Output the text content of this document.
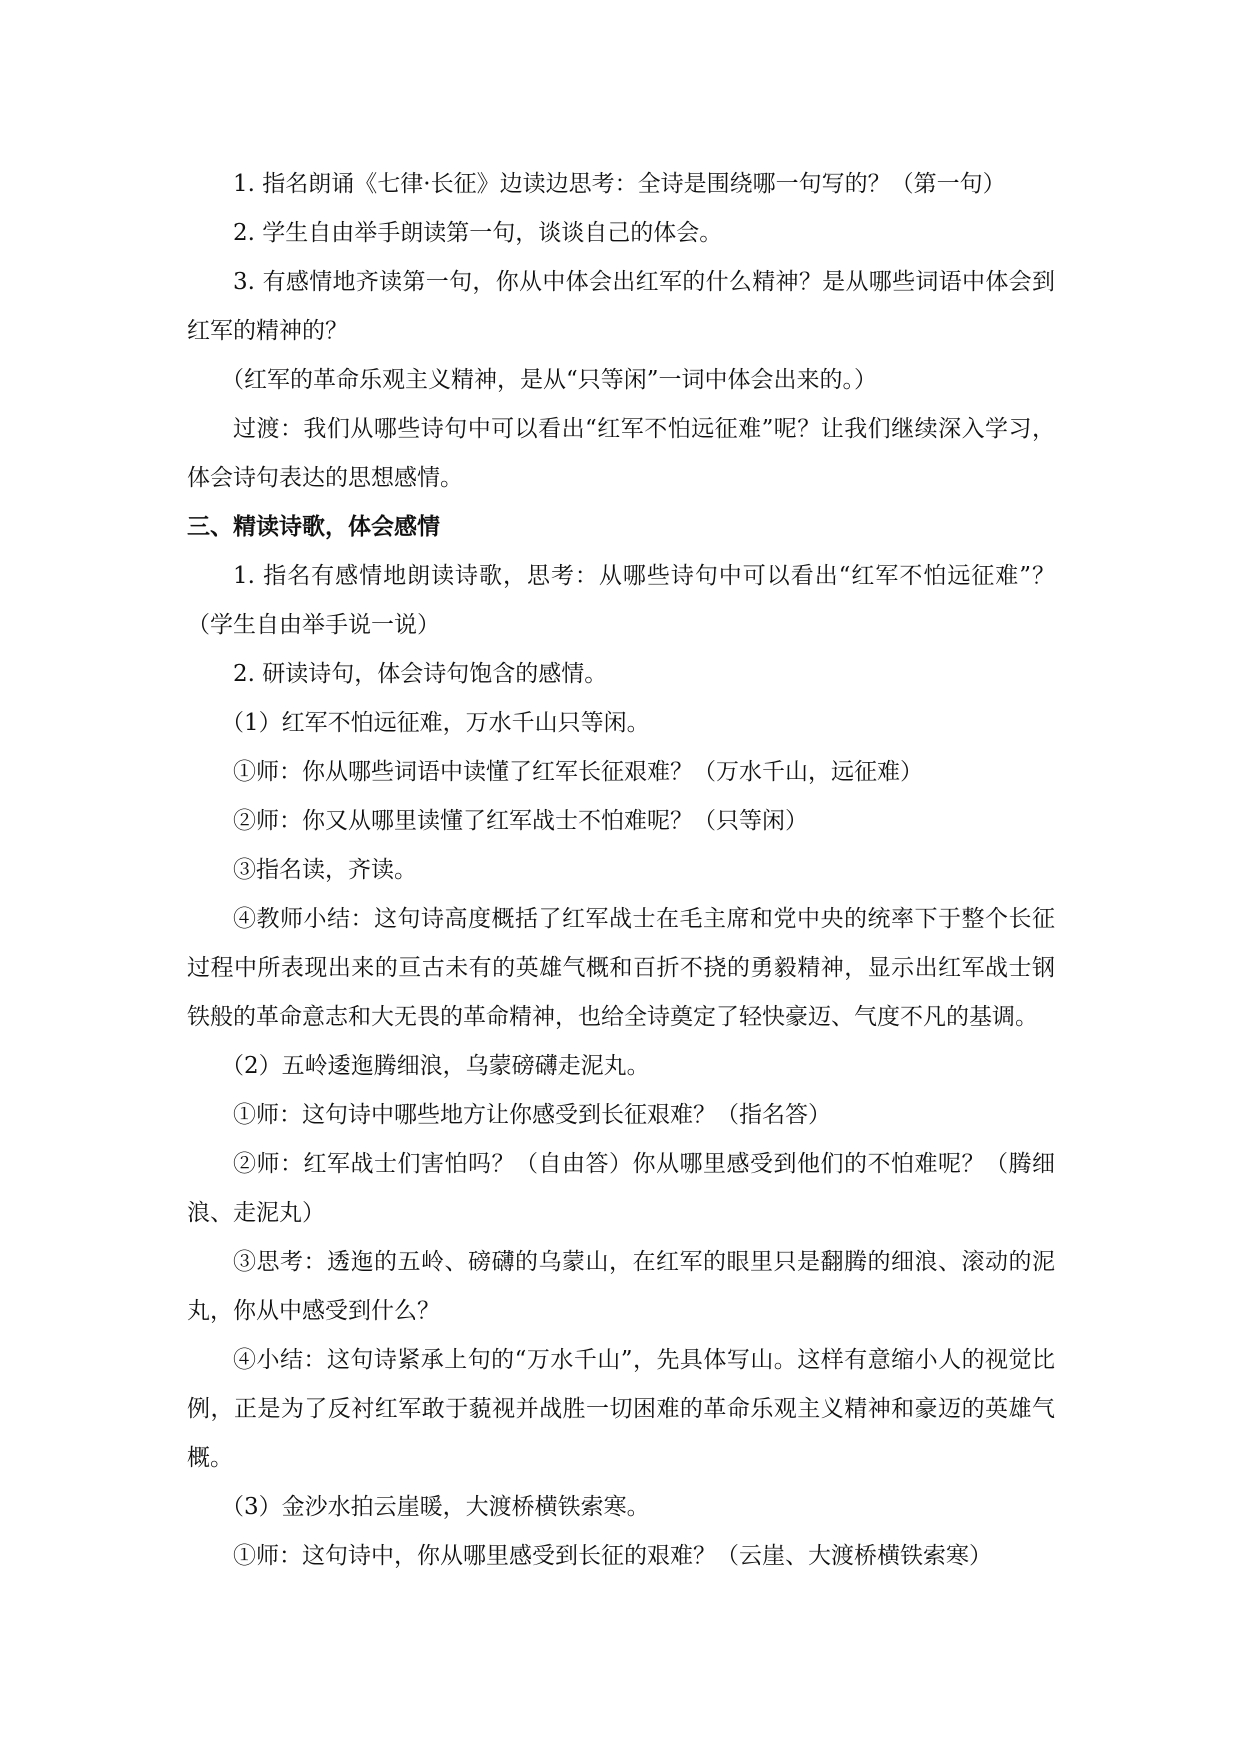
1. 指名朗诵《七律·长征》边读边思考：全诗是围绕哪一句写的？（第一句）

2. 学生自由举手朗读第一句，谈谈自己的体会。

3. 有感情地齐读第一句，你从中体会出红军的什么精神？是从哪些词语中体会到红军的精神的？

（红军的革命乐观主义精神，是从“只等闲”一词中体会出来的。）

过渡：我们从哪些诗句中可以看出“红军不怕远征难”呢？让我们继续深入学习，体会诗句表达的思想感情。

三、精读诗歌，体会感情

1. 指名有感情地朗读诗歌，思考：从哪些诗句中可以看出“红军不怕远征难”？（学生自由举手说一说）

2. 研读诗句，体会诗句饱含的感情。

（1）红军不怕远征难，万水千山只等闲。

①师：你从哪些词语中读懂了红军长征艰难？（万水千山，远征难）

②师：你又从哪里读懂了红军战士不怕难呢？（只等闲）

③指名读，齐读。

④教师小结：这句诗高度概括了红军战士在毛主席和党中央的统率下于整个长征过程中所表现出来的亘古未有的英雄气概和百折不挠的勇毅精神，显示出红军战士钢铁般的革命意志和大无畏的革命精神，也给全诗奠定了轻快豪迈、气度不凡的基调。

（2）五岭逶迤腾细浪，乌蒙磅礴走泥丸。

①师：这句诗中哪些地方让你感受到长征艰难？（指名答）

②师：红军战士们害怕吗？（自由答）你从哪里感受到他们的不怕难呢？（腾细浪、走泥丸）

③思考：透迤的五岭、磅礴的乌蒙山，在红军的眼里只是翻腾的细浪、滚动的泥丸，你从中感受到什么？

④小结：这句诗紧承上句的“万水千山”，先具体写山。这样有意缩小人的视觉比例，正是为了反衬红军敢于藐视并战胜一切困难的革命乐观主义精神和豪迈的英雄气概。

（3）金沙水拍云崖暖，大渡桥横铁索寒。

①师：这句诗中，你从哪里感受到长征的艰难？（云崖、大渡桥横铁索寒）
